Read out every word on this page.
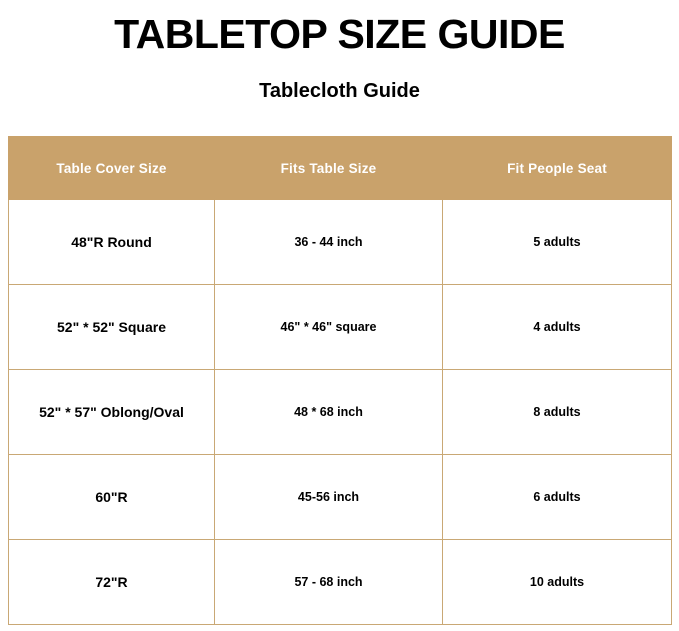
TABLETOP SIZE GUIDE
Tablecloth Guide
Table Cover Size	Fits Table Size	Fit People Seat
48"R Round	36 - 44 inch	5 adults
52" * 52" Square	46" * 46" square	4 adults
52" * 57" Oblong/Oval	48 * 68 inch	8 adults
60"R	45-56 inch	6 adults
72"R	57 - 68 inch	10 adults
